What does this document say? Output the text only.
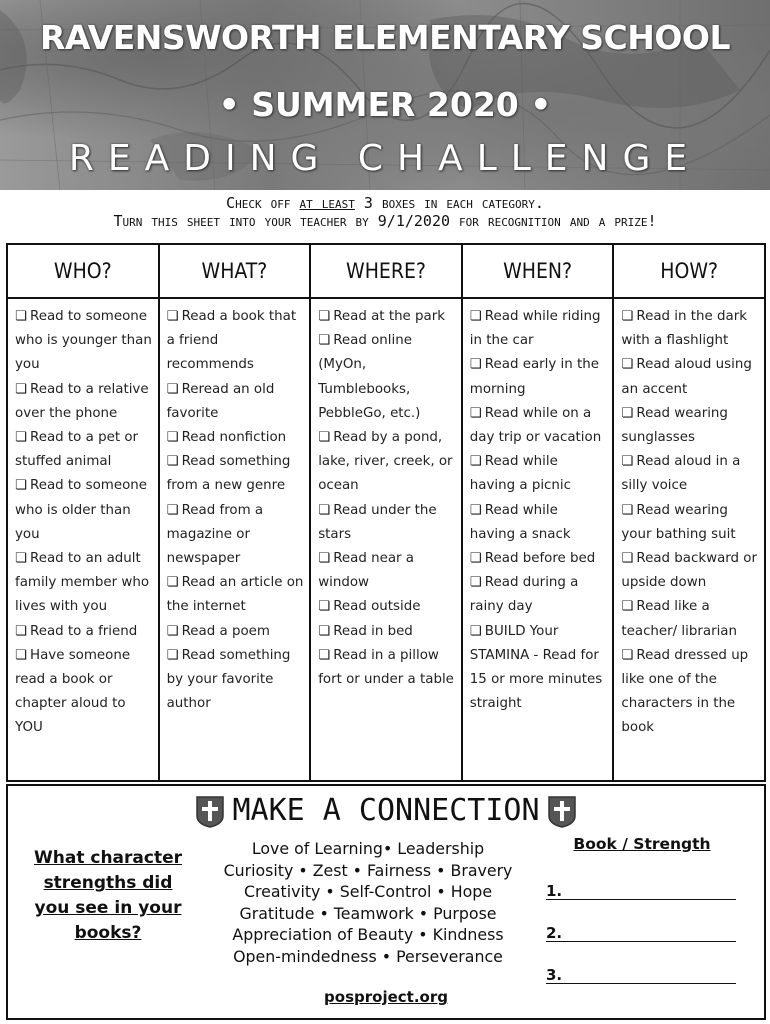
RAVENSWORTH ELEMENTARY SCHOOL
• SUMMER 2020 •
READING CHALLENGE
Check off at least 3 boxes in each category.
Turn this sheet into your teacher by 9/1/2020 for recognition and a prize!
WHO?
❏ Read to someone who is younger than you
❏ Read to a relative over the phone
❏ Read to a pet or stuffed animal
❏ Read to someone who is older than you
❏ Read to an adult family member who lives with you
❏ Read to a friend
❏ Have someone read a book or chapter aloud to YOU
WHAT?
❏ Read a book that a friend recommends
❏ Reread an old favorite
❏ Read nonfiction
❏ Read something from a new genre
❏ Read from a magazine or newspaper
❏ Read an article on the internet
❏ Read a poem
❏ Read something by your favorite author
WHERE?
❏ Read at the park
❏ Read online (MyOn, Tumblebooks, PebbleGo, etc.)
❏ Read by a pond, lake, river, creek, or ocean
❏ Read under the stars
❏ Read near a window
❏ Read outside
❏ Read in bed
❏ Read in a pillow fort or under a table
WHEN?
❏ Read while riding in the car
❏ Read early in the morning
❏ Read while on a day trip or vacation
❏ Read while having a picnic
❏ Read while having a snack
❏ Read before bed
❏ Read during a rainy day
❏ BUILD Your STAMINA - Read for 15 or more minutes straight
HOW?
❏ Read in the dark with a flashlight
❏ Read aloud using an accent
❏ Read wearing sunglasses
❏ Read aloud in a silly voice
❏ Read wearing your bathing suit
❏ Read backward or upside down
❏ Read like a teacher/ librarian
❏ Read dressed up like one of the characters in the book
MAKE A CONNECTION
What character strengths did you see in your books?
Love of Learning• Leadership
Curiosity • Zest • Fairness • Bravery
Creativity • Self-Control • Hope
Gratitude • Teamwork • Purpose
Appreciation of Beauty • Kindness
Open-mindedness • Perseverance
Book / Strength
1.
2.
3.
posproject.org
